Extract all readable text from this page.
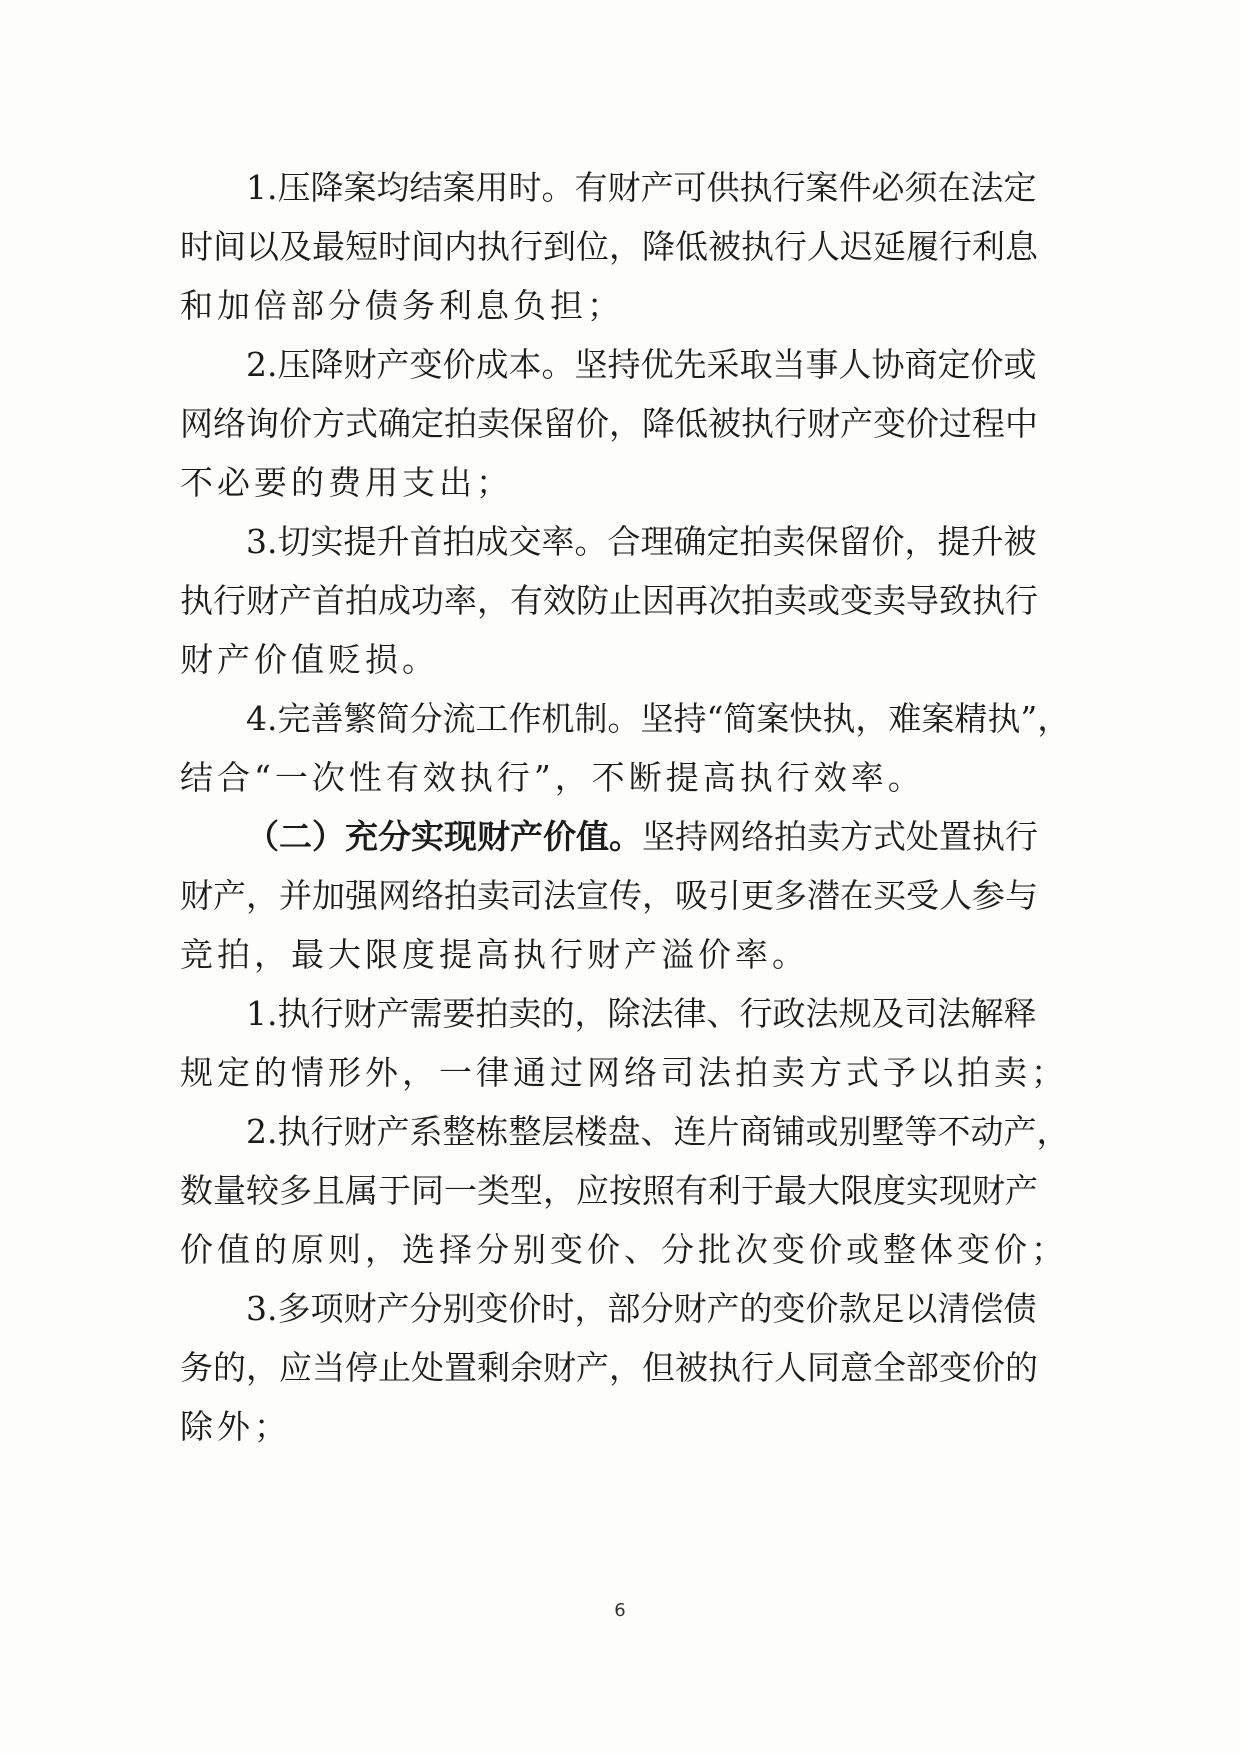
1.压降案均结案用时。有财产可供执行案件必须在法定
时间以及最短时间内执行到位，降低被执行人迟延履行利息
和加倍部分债务利息负担；
2.压降财产变价成本。坚持优先采取当事人协商定价或
网络询价方式确定拍卖保留价，降低被执行财产变价过程中
不必要的费用支出；
3.切实提升首拍成交率。合理确定拍卖保留价，提升被
执行财产首拍成功率，有效防止因再次拍卖或变卖导致执行
财产价值贬损。
4.完善繁简分流工作机制。坚持“简案快执，难案精执”，
结合“一次性有效执行”，不断提高执行效率。
（二）充分实现财产价值。坚持网络拍卖方式处置执行
财产，并加强网络拍卖司法宣传，吸引更多潜在买受人参与
竞拍，最大限度提高执行财产溢价率。
1.执行财产需要拍卖的，除法律、行政法规及司法解释
规定的情形外，一律通过网络司法拍卖方式予以拍卖；
2.执行财产系整栋整层楼盘、连片商铺或别墅等不动产，
数量较多且属于同一类型，应按照有利于最大限度实现财产
价值的原则，选择分别变价、分批次变价或整体变价；
3.多项财产分别变价时，部分财产的变价款足以清偿债
务的，应当停止处置剩余财产，但被执行人同意全部变价的
除外；
6
